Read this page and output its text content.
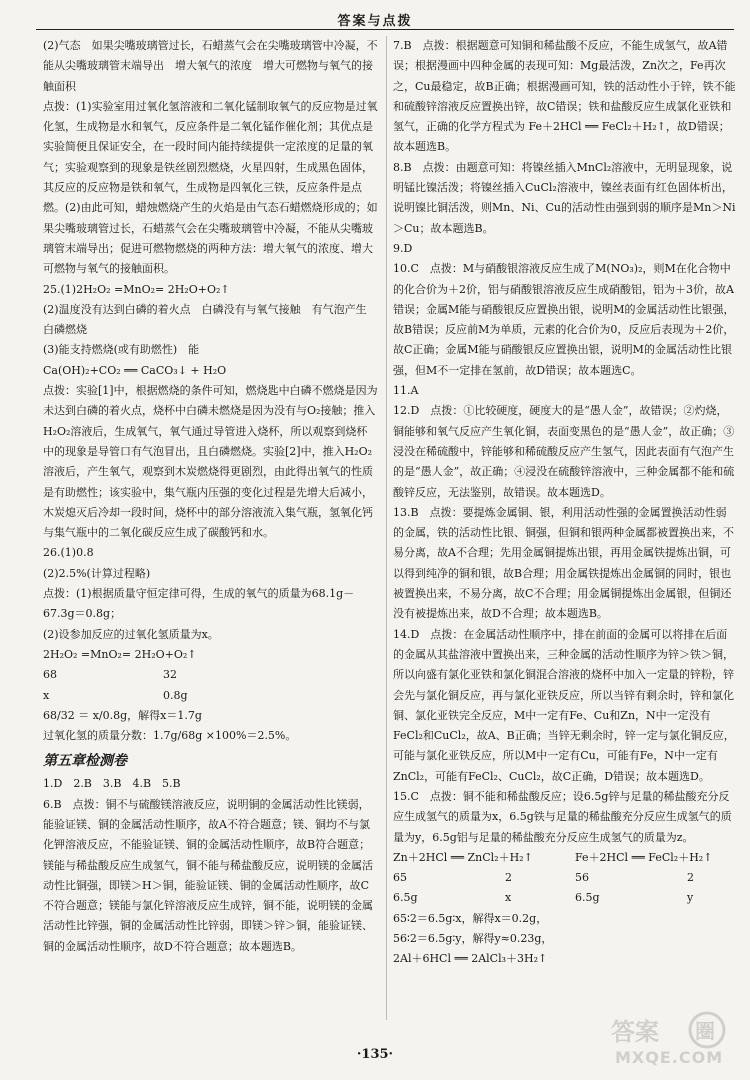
答案与点拨

(2)气态　如果尖嘴玻璃管过长，石蜡蒸气会在尖嘴玻璃管中冷凝，不能从尖嘴玻璃管末端导出　增大氧气的浓度　增大可燃物与氧气的接触面积

点拨：(1)实验室用过氧化氢溶液和二氧化锰制取氧气的反应物是过氧化氢，生成物是水和氧气，反应条件是二氧化锰作催化剂；其优点是实验简便且保证安全，在一段时间内能持续提供一定浓度的足量的氧气；实验观察到的现象是铁丝剧烈燃烧，火星四射，生成黑色固体，其反应的反应物是铁和氧气，生成物是四氧化三铁，反应条件是点燃。(2)由此可知，蜡烛燃烧产生的火焰是由气态石蜡燃烧形成的；如果尖嘴玻璃管过长，石蜡蒸气会在尖嘴玻璃管中冷凝，不能从尖嘴玻璃管末端导出；促进可燃物燃烧的两种方法：增大氧气的浓度、增大可燃物与氧气的接触面积。

25.(1)2H₂O₂ =MnO₂= 2H₂O+O₂↑

(2)温度没有达到白磷的着火点　白磷没有与氧气接触　有气泡产生　白磷燃烧

(3)能支持燃烧(或有助燃性)　能

Ca(OH)₂+CO₂ ══ CaCO₃↓ + H₂O

点拨：实验[1]中，根据燃烧的条件可知，燃烧匙中白磷不燃烧是因为未达到白磷的着火点，烧杯中白磷未燃烧是因为没有与O₂接触；推入H₂O₂溶液后，生成氧气，氧气通过导管进入烧杯，所以观察到烧杯中的现象是导管口有气泡冒出，且白磷燃烧。实验[2]中，推入H₂O₂溶液后，产生氧气，观察到木炭燃烧得更剧烈，由此得出氧气的性质是有助燃性；该实验中，集气瓶内压强的变化过程是先增大后减小，木炭熄灭后冷却一段时间，烧杯中的部分溶液流入集气瓶，氢氧化钙与集气瓶中的二氧化碳反应生成了碳酸钙和水。

26.(1)0.8

(2)2.5%(计算过程略)

点拨：(1)根据质量守恒定律可得，生成的氧气的质量为68.1g－67.3g＝0.8g；

(2)设参加反应的过氧化氢质量为x。

2H₂O₂ =MnO₂= 2H₂O+O₂↑

68	32
x	0.8g

68/32 ＝ x/0.8g，解得x＝1.7g

过氧化氢的质量分数：1.7g/68g ×100%＝2.5%。

第五章检测卷

1.D　2.B　3.B　4.B　5.B

6.B　点拨：铜不与硫酸镁溶液反应，说明铜的金属活动性比镁弱，能验证镁、铜的金属活动性顺序，故A不符合题意；镁、铜均不与氯化钾溶液反应，不能验证镁、铜的金属活动性顺序，故B符合题意；镁能与稀盐酸反应生成氢气，铜不能与稀盐酸反应，说明镁的金属活动性比铜强，即镁＞H＞铜，能验证镁、铜的金属活动性顺序，故C不符合题意；镁能与氯化锌溶液反应生成锌，铜不能，说明镁的金属活动性比锌强，铜的金属活动性比锌弱，即镁＞锌＞铜，能验证镁、铜的金属活动性顺序，故D不符合题意；故本题选B。

7.B　点拨：根据题意可知铜和稀盐酸不反应，不能生成氢气，故A错误；根据漫画中四种金属的表现可知：Mg最活泼，Zn次之，Fe再次之，Cu最稳定，故B正确；根据漫画可知，铁的活动性小于锌，铁不能和硫酸锌溶液反应置换出锌，故C错误；铁和盐酸反应生成氯化亚铁和氢气，正确的化学方程式为 Fe＋2HCl ══ FeCl₂＋H₂↑，故D错误；故本题选B。

8.B　点拨：由题意可知：将镍丝插入MnCl₂溶液中，无明显现象，说明锰比镍活泼；将镍丝插入CuCl₂溶液中，镍丝表面有红色固体析出，说明镍比铜活泼，则Mn、Ni、Cu的活动性由强到弱的顺序是Mn＞Ni＞Cu；故本题选B。

9.D

10.C　点拨：M与硝酸银溶液反应生成了M(NO₃)₂，则M在化合物中的化合价为＋2价，铝与硝酸银溶液反应生成硝酸铝，铝为＋3价，故A错误；金属M能与硝酸银反应置换出银，说明M的金属活动性比银强，故B错误；反应前M为单质，元素的化合价为0，反应后表现为＋2价，故C正确；金属M能与硝酸银反应置换出银，说明M的金属活动性比银强，但M不一定排在氢前，故D错误；故本题选C。

11.A

12.D　点拨：①比较硬度，硬度大的是“愚人金”，故错误；②灼烧，铜能够和氧气反应产生氧化铜，表面变黑色的是“愚人金”，故正确；③浸没在稀硫酸中，锌能够和稀硫酸反应产生氢气，因此表面有气泡产生的是“愚人金”，故正确；④浸没在硫酸锌溶液中，三种金属都不能和硫酸锌反应，无法鉴别，故错误。故本题选D。

13.B　点拨：要提炼金属铜、银，利用活动性强的金属置换活动性弱的金属，铁的活动性比银、铜强，但铜和银两种金属都被置换出来，不易分离，故A不合理；先用金属铜提炼出银，再用金属铁提炼出铜，可以得到纯净的铜和银，故B合理；用金属铁提炼出金属铜的同时，银也被置换出来，不易分离，故C不合理；用金属铜提炼出金属银，但铜还没有被提炼出来，故D不合理；故本题选B。

14.D　点拨：在金属活动性顺序中，排在前面的金属可以将排在后面的金属从其盐溶液中置换出来，三种金属的活动性顺序为锌＞铁＞铜，所以向盛有氯化亚铁和氯化铜混合溶液的烧杯中加入一定量的锌粉，锌会先与氯化铜反应，再与氯化亚铁反应，所以当锌有剩余时，锌和氯化铜、氯化亚铁完全反应，M中一定有Fe、Cu和Zn，N中一定没有FeCl₂和CuCl₂，故A、B正确；当锌无剩余时，锌一定与氯化铜反应，可能与氯化亚铁反应，所以M中一定有Cu，可能有Fe，N中一定有ZnCl₂，可能有FeCl₂、CuCl₂，故C正确，D错误；故本题选D。

15.C　点拨：铜不能和稀盐酸反应；设6.5g锌与足量的稀盐酸充分反应生成氢气的质量为x，6.5g铁与足量的稀盐酸充分反应生成氢气的质量为y，6.5g铝与足量的稀盐酸充分反应生成氢气的质量为z。

Zn＋2HCl ══ ZnCl₂＋H₂↑	Fe＋2HCl ══ FeCl₂＋H₂↑
65	2	56	2
6.5g	x	6.5g	y

65∶2＝6.5g∶x，解得x＝0.2g，

56∶2＝6.5g∶y，解得y≈0.23g，

2Al＋6HCl ══ 2AlCl₃＋3H₂↑

·135·
答案 圈
MXQE.COM
